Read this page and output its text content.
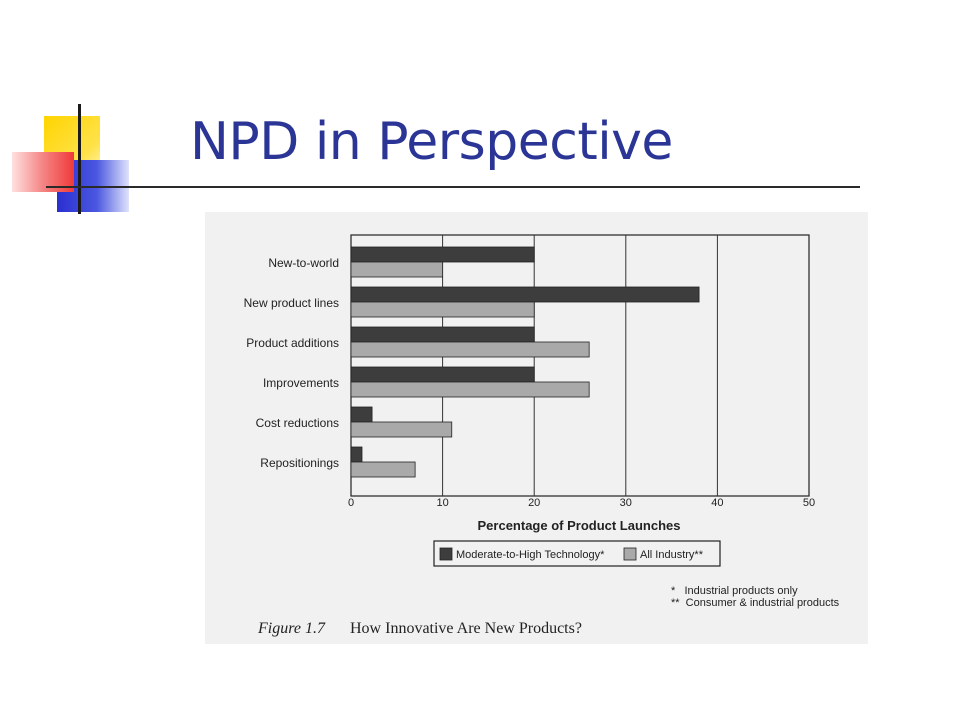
NPD in Perspective
New-to-world
New product lines
Product additions
Improvements
Cost reductions
Repositionings
0	10	20	30	40	50
Percentage of Product Launches
Moderate-to-High Technology*	All Industry**
*   Industrial products only
**  Consumer & industrial products
Figure 1.7 How Innovative Are New Products?
